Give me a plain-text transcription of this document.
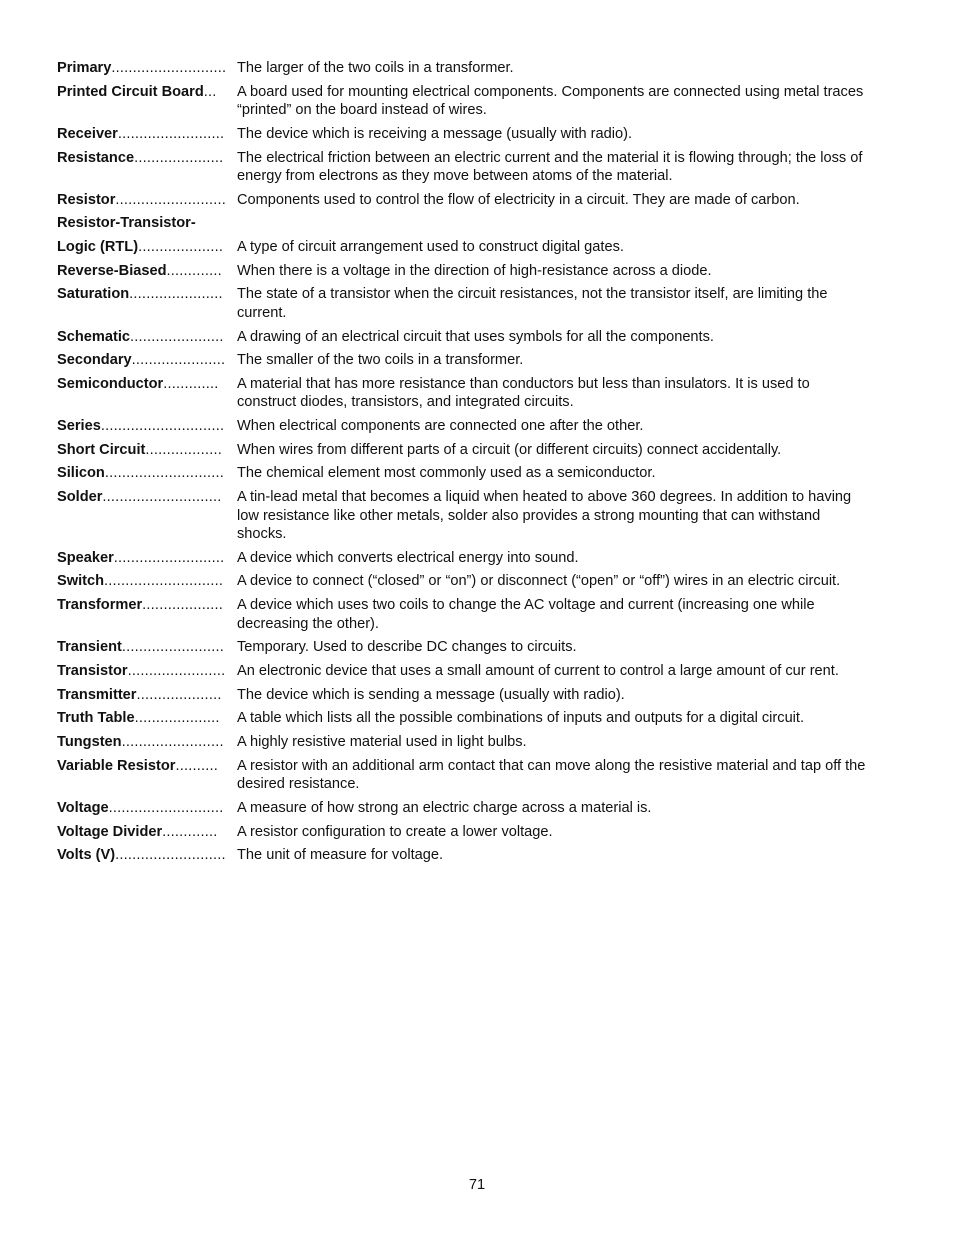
Primary........................... The larger of the two coils in a transformer.
Printed Circuit Board...	A board used for mounting electrical components. Components are connected using metal traces “printed” on the board instead of wires.
Receiver......................... The device which is receiving a message (usually with radio).
Resistance..................... The electrical friction between an electric current and the material it is flowing through; the loss of energy from electrons as they move between atoms of the material.
Resistor.......................... Components used to control the flow of electricity in a circuit. They are made of carbon.
Resistor-Transistor-
Logic (RTL).................... A type of circuit arrangement used to construct digital gates.
Reverse-Biased.............	When there is a voltage in the direction of high-resistance across a diode.
Saturation...................... The state of a transistor when the circuit resistances, not the transistor itself, are limiting the current.
Schematic...................... A drawing of an electrical circuit that uses symbols for all the components.
Secondary...................... The smaller of the two coils in a transformer.
Semiconductor.............	A material that has more resistance than conductors but less than insulators. It is used to construct diodes, transistors, and integrated circuits.
Series............................. When electrical components are connected one after the other.
Short Circuit..................	When wires from different parts of a circuit (or different circuits) connect accidentally.
Silicon............................ The chemical element most commonly used as a semiconductor.
Solder............................	A tin-lead metal that becomes a liquid when heated to above 360 degrees. In addition to having low resistance like other metals, solder also provides a strong mounting that can withstand shocks.
Speaker.......................... A device which converts electrical energy into sound.
Switch............................ A device to connect (“closed” or “on”) or disconnect (“open” or “off”) wires in an electric circuit.
Transformer................... A device which uses two coils to change the AC voltage and current (increasing one while decreasing the other).
Transient........................ Temporary. Used to describe DC changes to circuits.
Transistor....................... An electronic device that uses a small amount of current to control a large amount of cur rent.
Transmitter....................	The device which is sending a message (usually with radio).
Truth Table....................	A table which lists all the possible combinations of inputs and outputs for a digital circuit.
Tungsten........................ A highly resistive material used in light bulbs.
Variable Resistor..........	A resistor with an additional arm contact that can move along the resistive material and tap off the desired resistance.
Voltage........................... A measure of how strong an electric charge across a material is.
Voltage Divider.............	A resistor configuration to create a lower voltage.
Volts (V).......................... The unit of measure for voltage.
71
